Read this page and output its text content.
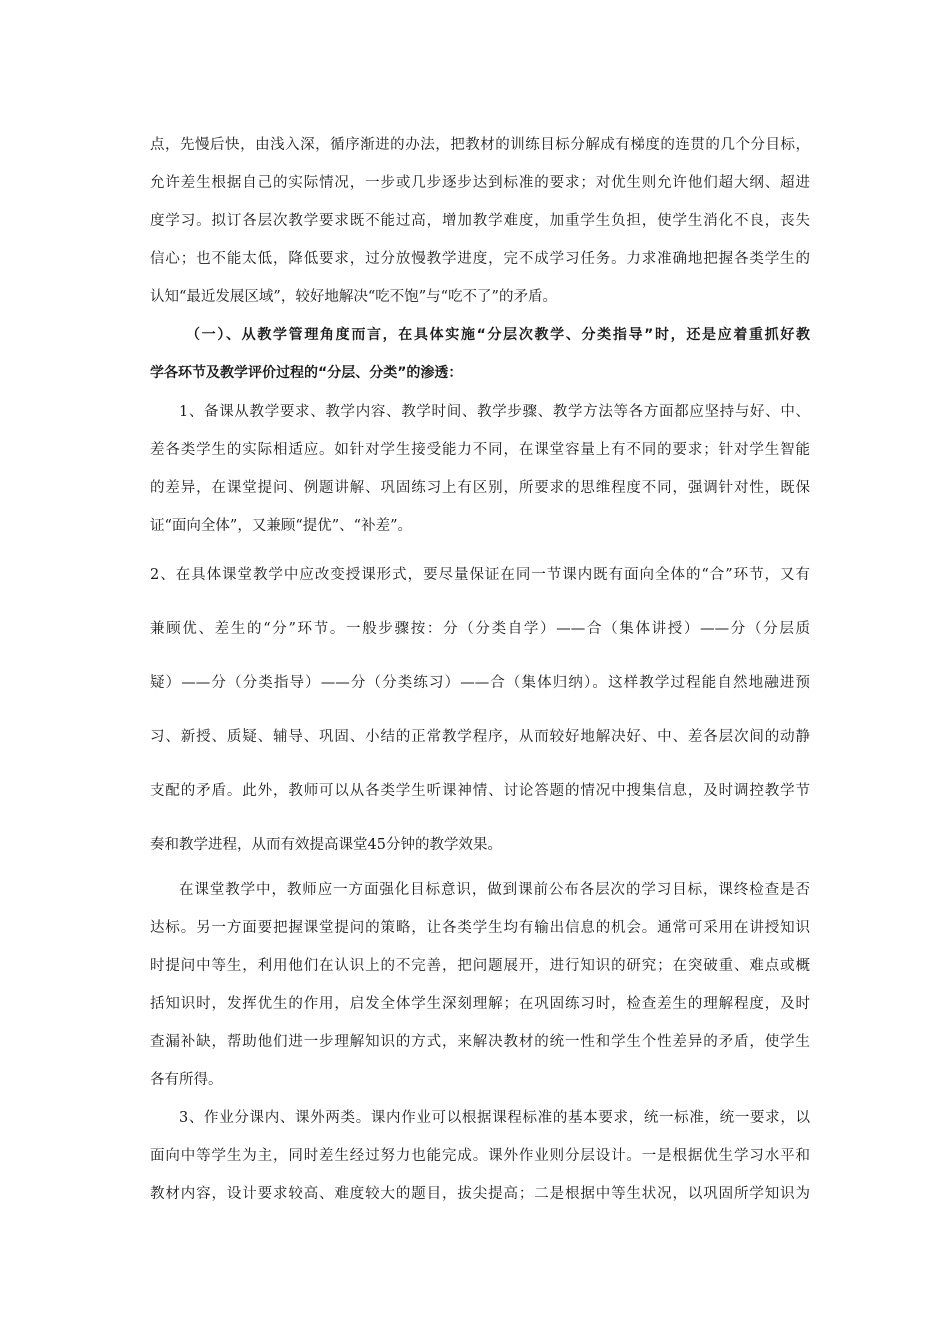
点，先慢后快，由浅入深，循序渐进的办法，把教材的训练目标分解成有梯度的连贯的几个分目标，
允许差生根据自己的实际情况，一步或几步逐步达到标准的要求；对优生则允许他们超大纲、超进
度学习。拟订各层次教学要求既不能过高，增加教学难度，加重学生负担，使学生消化不良，丧失
信心；也不能太低，降低要求，过分放慢教学进度，完不成学习任务。力求准确地把握各类学生的
认知“最近发展区域”，较好地解决“吃不饱”与“吃不了”的矛盾。
（一）、从教学管理角度而言，在具体实施“分层次教学、分类指导”时，还是应着重抓好教
学各环节及教学评价过程的“分层、分类”的渗透：
1、备课从教学要求、教学内容、教学时间、教学步骤、教学方法等各方面都应坚持与好、中、
差各类学生的实际相适应。如针对学生接受能力不同，在课堂容量上有不同的要求；针对学生智能
的差异，在课堂提问、例题讲解、巩固练习上有区别，所要求的思维程度不同，强调针对性，既保
证“面向全体”，又兼顾“提优”、“补差”。
2、在具体课堂教学中应改变授课形式，要尽量保证在同一节课内既有面向全体的“合”环节，又有
兼顾优、差生的“分”环节。一般步骤按：分（分类自学）——合（集体讲授）——分（分层质
疑）——分（分类指导）——分（分类练习）——合（集体归纳）。这样教学过程能自然地融进预
习、新授、质疑、辅导、巩固、小结的正常教学程序，从而较好地解决好、中、差各层次间的动静
支配的矛盾。此外，教师可以从各类学生听课神情、讨论答题的情况中搜集信息，及时调控教学节
奏和教学进程，从而有效提高课堂45分钟的教学效果。
在课堂教学中，教师应一方面强化目标意识，做到课前公布各层次的学习目标，课终检查是否
达标。另一方面要把握课堂提问的策略，让各类学生均有输出信息的机会。通常可采用在讲授知识
时提问中等生，利用他们在认识上的不完善，把问题展开，进行知识的研究；在突破重、难点或概
括知识时，发挥优生的作用，启发全体学生深刻理解；在巩固练习时，检查差生的理解程度，及时
查漏补缺，帮助他们进一步理解知识的方式，来解决教材的统一性和学生个性差异的矛盾，使学生
各有所得。
3、作业分课内、课外两类。课内作业可以根据课程标准的基本要求，统一标准，统一要求，以
面向中等学生为主，同时差生经过努力也能完成。课外作业则分层设计。一是根据优生学习水平和
教材内容，设计要求较高、难度较大的题目，拔尖提高；二是根据中等生状况，以巩固所学知识为
